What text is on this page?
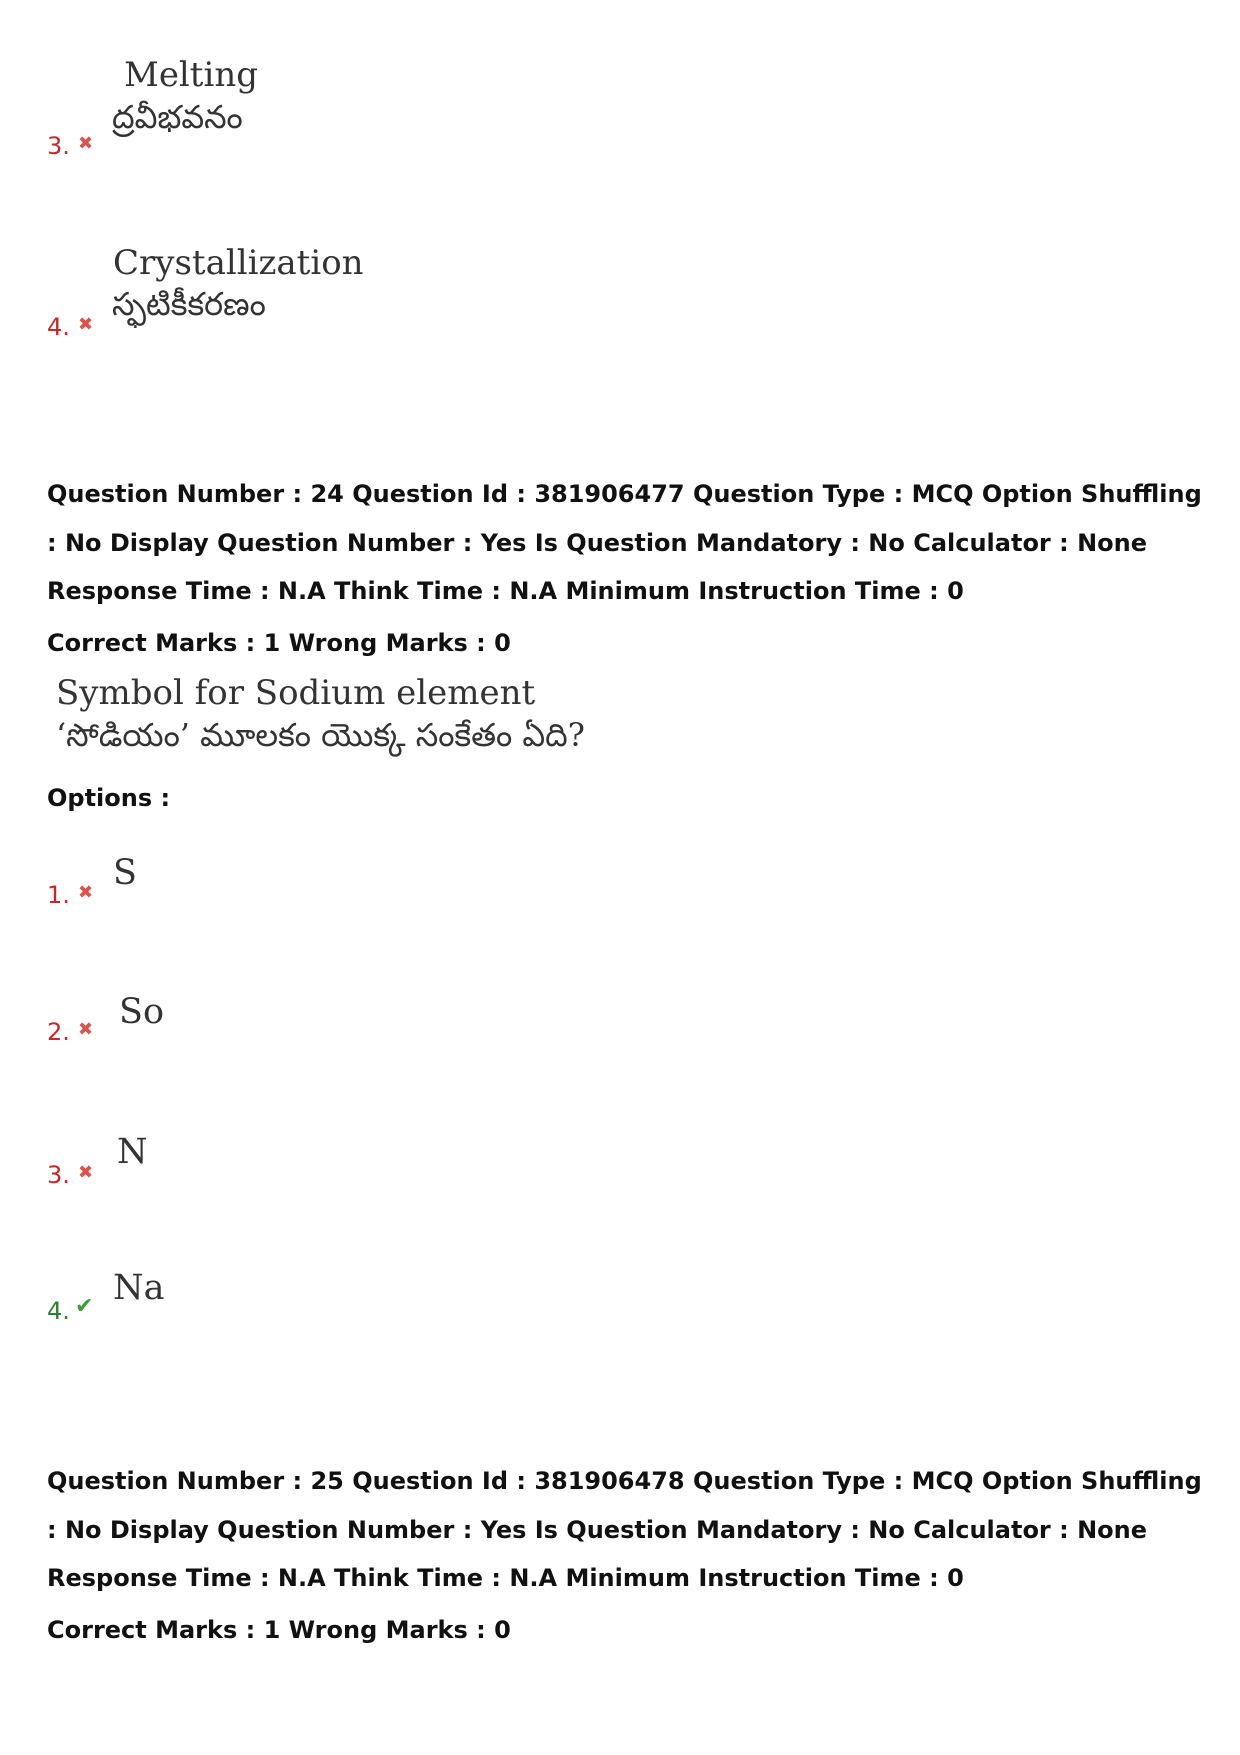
Melting
ద్రవీభవనం
3. ✖
Crystallization
స్ఫటికీకరణం
4. ✖
Question Number : 24 Question Id : 381906477 Question Type : MCQ Option Shuffling : No Display Question Number : Yes Is Question Mandatory : No Calculator : None Response Time : N.A Think Time : N.A Minimum Instruction Time : 0
Correct Marks : 1 Wrong Marks : 0
Symbol for Sodium element
‘సోడియం’ మూలకం యొక్క సంకేతం ఏది?
Options :
S
1. ✖
So
2. ✖
N
3. ✖
Na
4. ✔
Question Number : 25 Question Id : 381906478 Question Type : MCQ Option Shuffling : No Display Question Number : Yes Is Question Mandatory : No Calculator : None Response Time : N.A Think Time : N.A Minimum Instruction Time : 0
Correct Marks : 1 Wrong Marks : 0
